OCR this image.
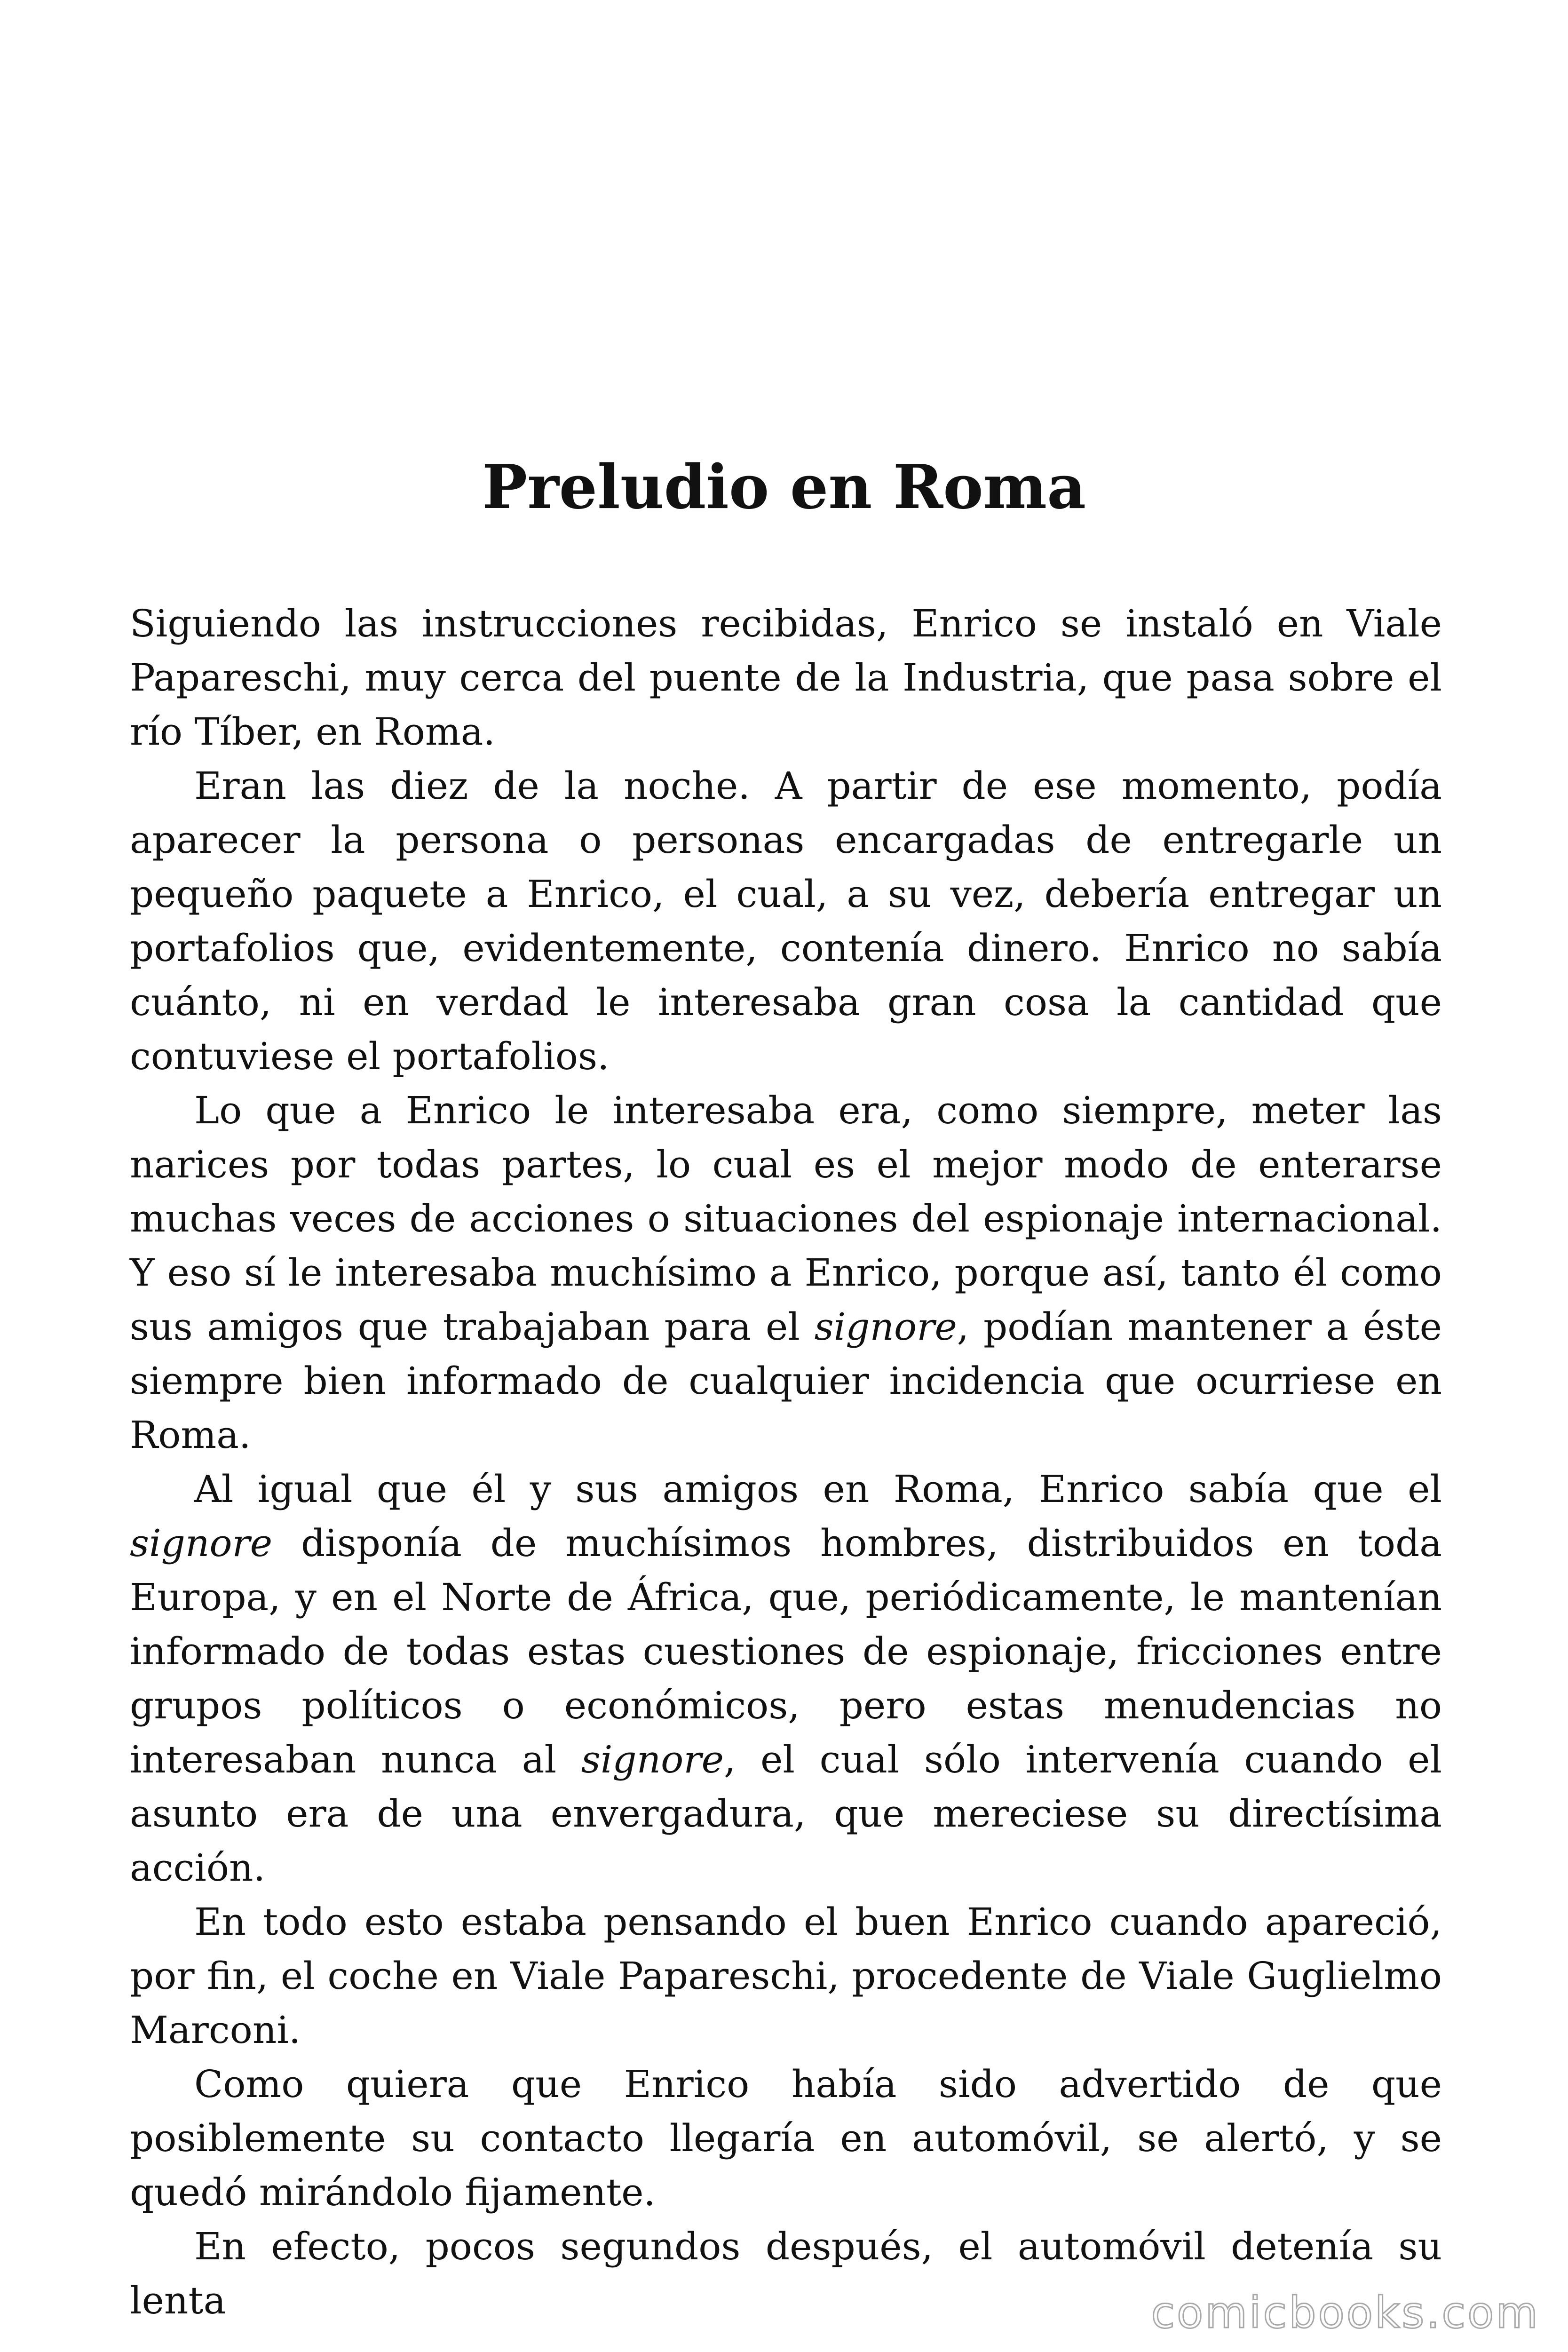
Preludio en Roma

Siguiendo las instrucciones recibidas, Enrico se instaló en Viale Papareschi, muy cerca del puente de la Industria, que pasa sobre el río Tíber, en Roma.

Eran las diez de la noche. A partir de ese momento, podía aparecer la persona o personas encargadas de entregarle un pequeño paquete a Enrico, el cual, a su vez, debería entregar un portafolios que, evidentemente, contenía dinero. Enrico no sabía cuánto, ni en verdad le interesaba gran cosa la cantidad que contuviese el portafolios.

Lo que a Enrico le interesaba era, como siempre, meter las narices por todas partes, lo cual es el mejor modo de enterarse muchas veces de acciones o situaciones del espionaje internacional. Y eso sí le interesaba muchísimo a Enrico, porque así, tanto él como sus amigos que trabajaban para el signore, podían mantener a éste siempre bien informado de cualquier incidencia que ocurriese en Roma.

Al igual que él y sus amigos en Roma, Enrico sabía que el signore disponía de muchísimos hombres, distribuidos en toda Europa, y en el Norte de África, que, periódicamente, le mantenían informado de todas estas cuestiones de espionaje, fricciones entre grupos políticos o económicos, pero estas menudencias no interesaban nunca al signore, el cual sólo intervenía cuando el asunto era de una envergadura, que mereciese su directísima acción.

En todo esto estaba pensando el buen Enrico cuando apareció, por fin, el coche en Viale Papareschi, procedente de Viale Guglielmo Marconi.

Como quiera que Enrico había sido advertido de que posiblemente su contacto llegaría en automóvil, se alertó, y se quedó mirándolo fijamente.

En efecto, pocos segundos después, el automóvil detenía su lenta	comicbooks.com
